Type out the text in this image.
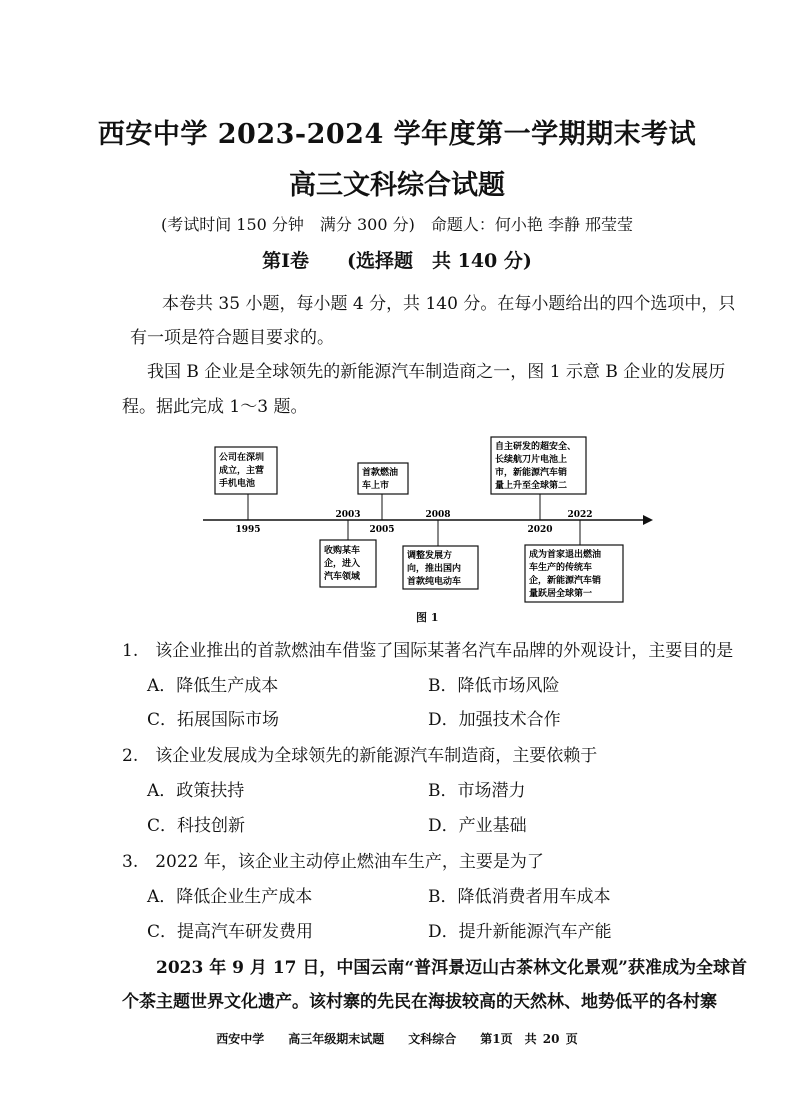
西安中学 2023-2024 学年度第一学期期末考试
高三文科综合试题
(考试时间 150 分钟　满分 300 分)　命题人：何小艳 李静 邢莹莹
第Ⅰ卷　　(选择题　共 140 分)
本卷共 35 小题，每小题 4 分，共 140 分。在每小题给出的四个选项中，只
有一项是符合题目要求的。
我国 B 企业是全球领先的新能源汽车制造商之一，图 1 示意 B 企业的发展历
程。据此完成 1～3 题。
1995
2003
2005
2008
2020
2022
公司在深圳
成立，主营
手机电池
首款燃油
车上市
自主研发的超安全、
长续航刀片电池上
市，新能源汽车销
量上升至全球第二
收购某车
企，进入
汽车领域
调整发展方
向，推出国内
首款纯电动车
成为首家退出燃油
车生产的传统车
企，新能源汽车销
量跃居全球第一
图 1
1.　该企业推出的首款燃油车借鉴了国际某著名汽车品牌的外观设计，主要目的是
A．降低生产成本	B．降低市场风险
C．拓展国际市场	D．加强技术合作
2.　该企业发展成为全球领先的新能源汽车制造商，主要依赖于
A．政策扶持	B．市场潜力
C．科技创新	D．产业基础
3.　2022 年，该企业主动停止燃油车生产，主要是为了
A．降低企业生产成本	B．降低消费者用车成本
C．提高汽车研发费用	D．提升新能源汽车产能
2023 年 9 月 17 日，中国云南“普洱景迈山古茶林文化景观”获准成为全球首
个茶主题世界文化遗产。该村寨的先民在海拔较高的天然林、地势低平的各村寨
西安中学　　高三年级期末试题　　文科综合　　第1页　共 20 页
